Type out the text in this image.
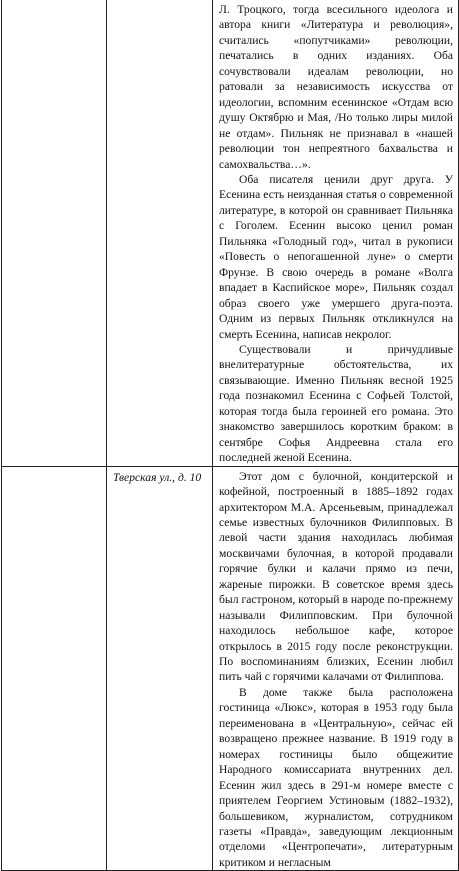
		Л. Троцкого, тогда всесильного идеолога и автора книги «Литература и революция», считались «попутчиками» революции, печатались в одних изданиях. Оба сочувствовали идеалам революции, но ратовали за независимость искусства от идеологии, вспомним есенинское «Отдам всю душу Октябрю и Мая, /Но только лиры милой не отдам». Пильняк не признавал в «нашей революции тон непреятного бахвальства и самохвальства…».

Оба писателя ценили друг друга. У Есенина есть неизданная статья о современной литературе, в которой он сравнивает Пильняка с Гоголем. Есенин высоко ценил роман Пильняка «Голодный год», читал в рукописи «Повесть о непогашенной луне» о смерти Фрунзе. В свою очередь в романе «Волга впадает в Каспийское море», Пильняк создал образ своего уже умершего друга-поэта. Одним из первых Пильняк откликнулся на смерть Есенина, написав некролог.

Существовали и причудливые внелитературные обстоятельства, их связывающие. Именно Пильняк весной 1925 года познакомил Есенина с Софьей Толстой, которая тогда была героиней его романа. Это знакомство завершилось коротким браком: в сентябре Софья Андреевна стала его последней женой Есенина.

	Тверская ул., д. 10	Этот дом с булочной, кондитерской и кофейной, построенный в 1885–1892 годах архитектором М.А. Арсеньевым, принадлежал семье известных булочников Филипповых. В левой части здания находилась любимая москвичами булочная, в которой продавали горячие булки и калачи прямо из печи, жареные пирожки. В советское время здесь был гастроном, который в народе по-прежнему называли Филипповским. При булочной находилось небольшое кафе, которое открылось в 2015 году после реконструкции. По воспоминаниям близких, Есенин любил пить чай с горячими калачами от Филиппова.

В доме также была расположена гостиница «Люкс», которая в 1953 году была переименована в «Центральную», сейчас ей возвращено прежнее название. В 1919 году в номерах гостиницы было общежитие Народного комиссариата внутренних дел. Есенин жил здесь в 291-м номере вместе с приятелем Георгием Устиновым (1882–1932), большевиком, журналистом, сотрудником газеты «Правда», заведующим лекционным отделоми «Центропечати», литературным критиком и негласным
